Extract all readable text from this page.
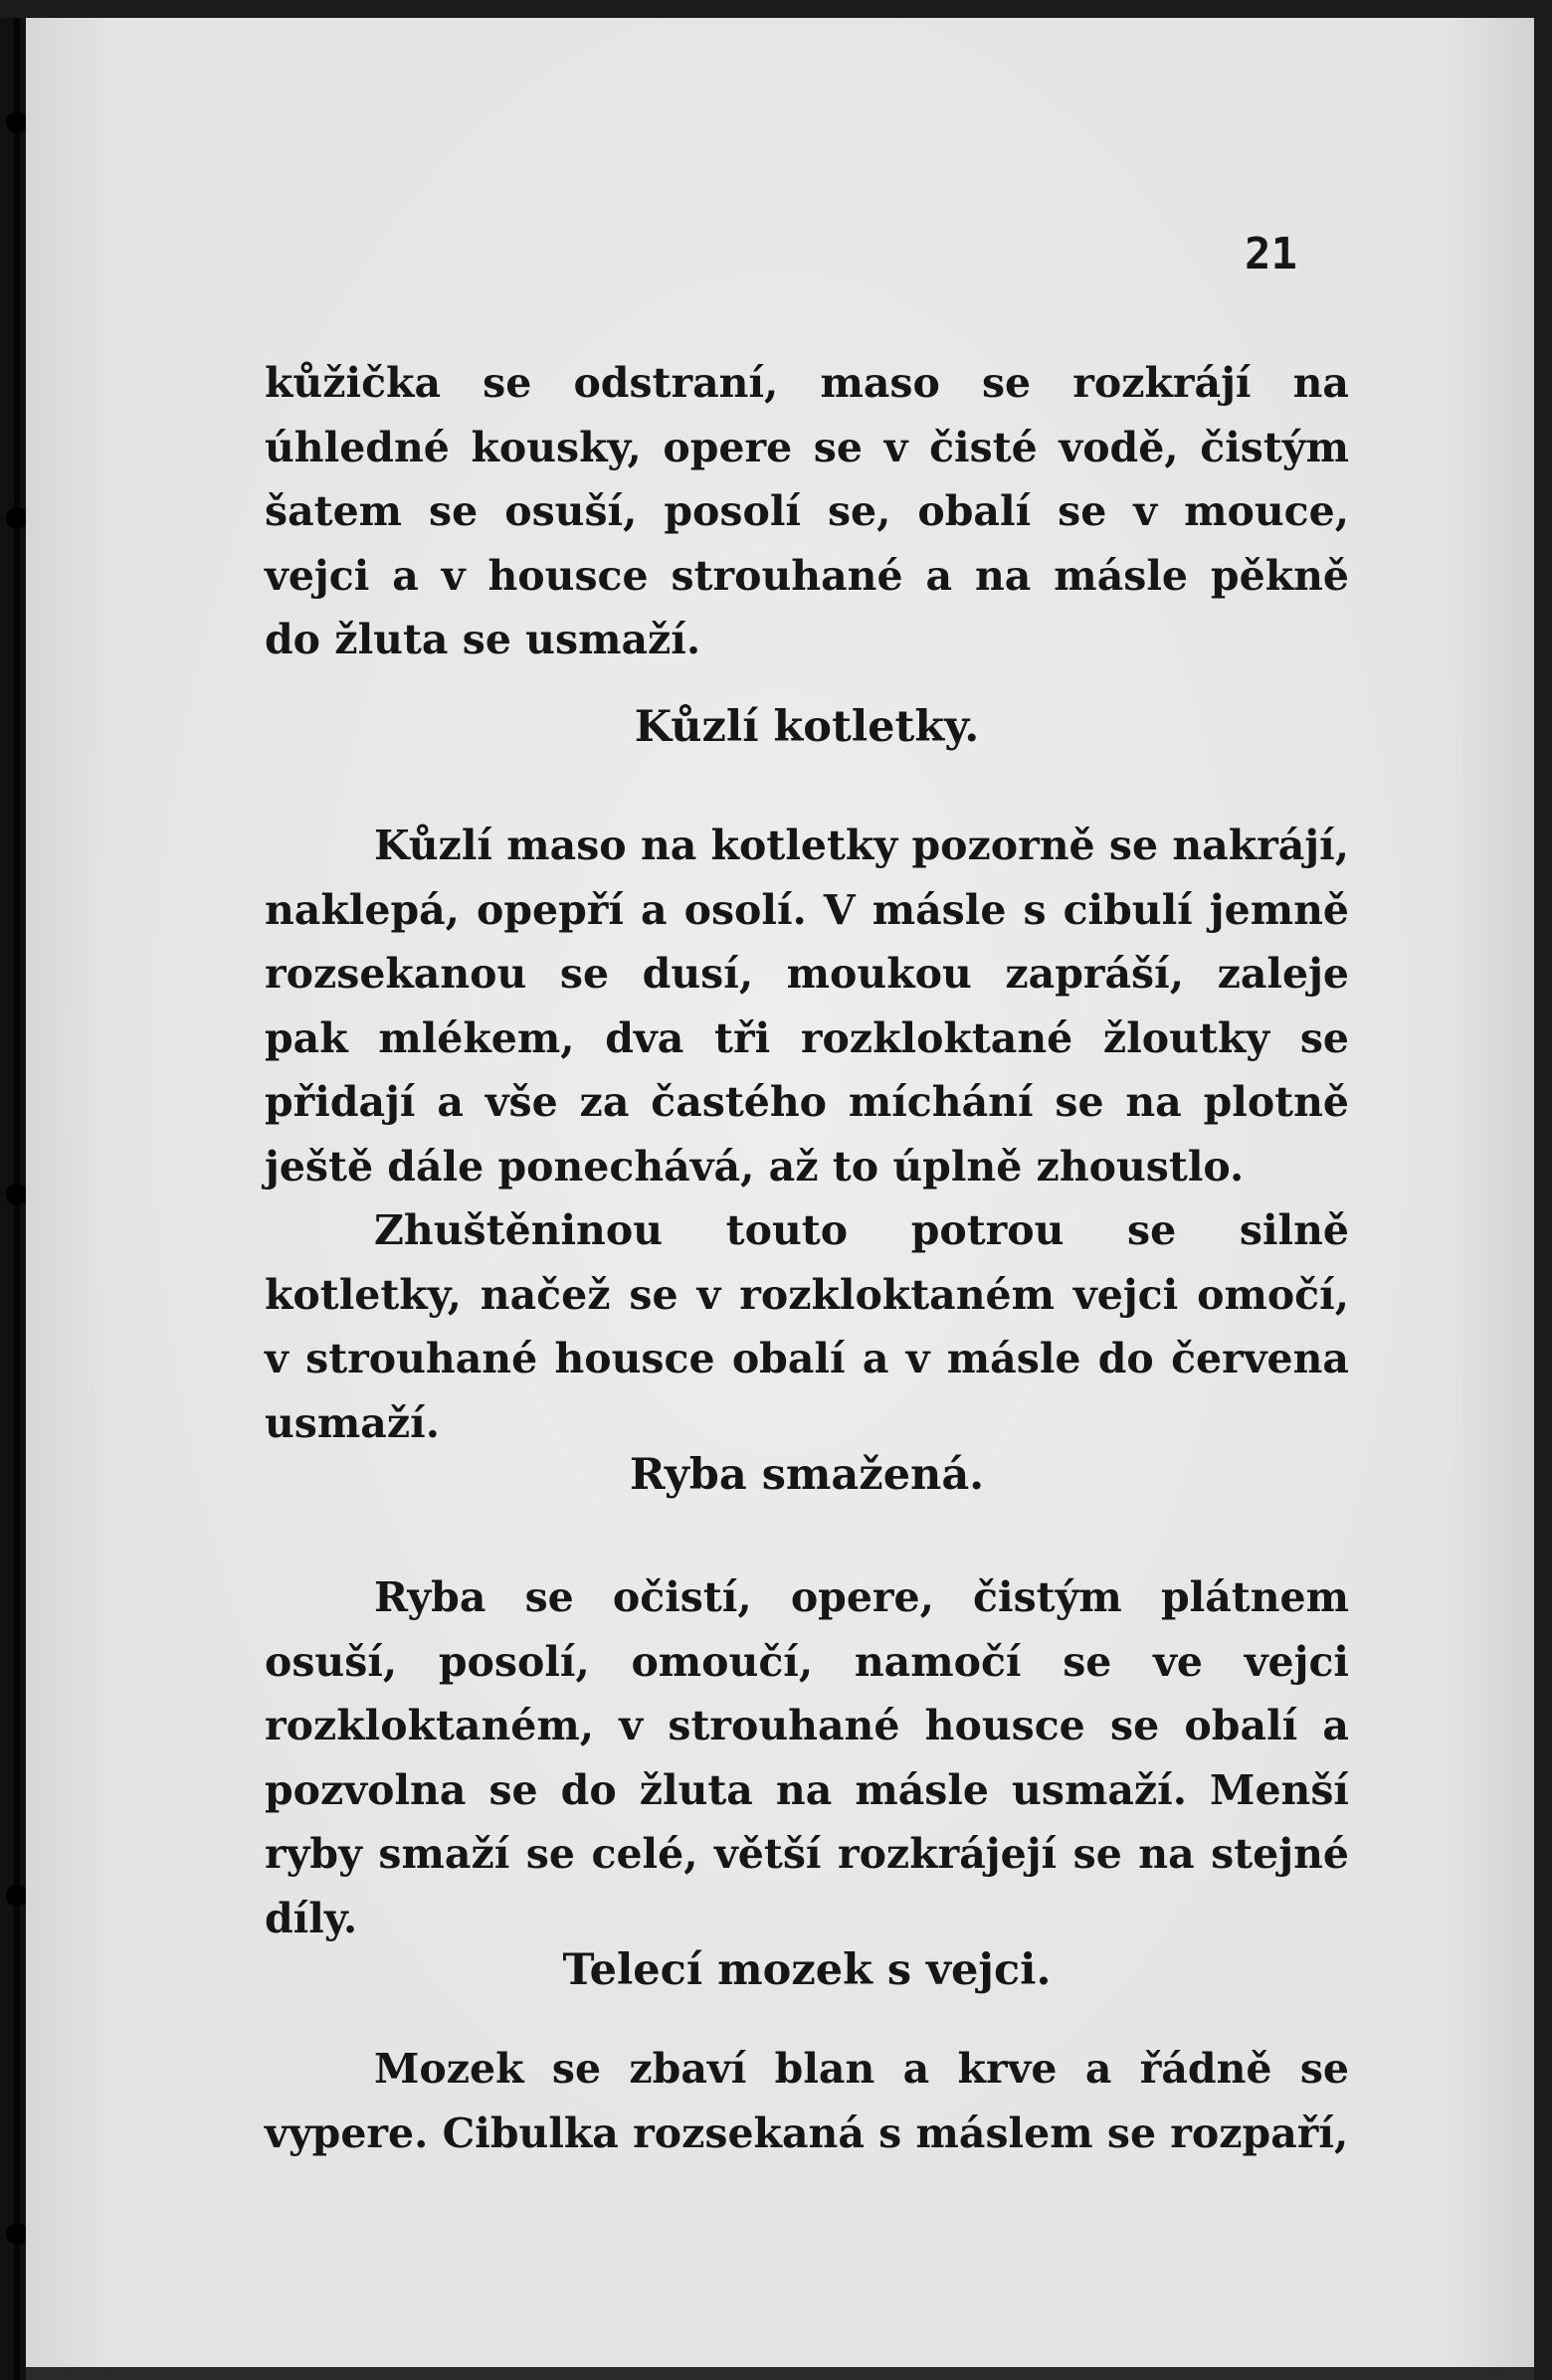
21

kůžička se odstraní, maso se rozkrájí na úhledné kousky, opere se v čisté vodě, čistým šatem se osuší, posolí se, obalí se v mouce, vejci a v housce strouhané a na másle pěkně do žluta se usmaží.

Kůzlí kotletky.

Kůzlí maso na kotletky pozorně se nakrájí, naklepá, opepří a osolí. V másle s cibulí jemně rozsekanou se dusí, moukou zapráší, zaleje pak mlékem, dva tři rozkloktané žloutky se přidají a vše za častého míchání se na plotně ještě dále ponechává, až to úplně zhoustlo.

Zhuštěninou touto potrou se silně kotletky, načež se v rozkloktaném vejci omočí, v strouhané housce obalí a v másle do červena usmaží.

Ryba smažená.

Ryba se očistí, opere, čistým plátnem osuší, posolí, omoučí, namočí se ve vejci rozkloktaném, v strouhané housce se obalí a pozvolna se do žluta na másle usmaží. Menší ryby smaží se celé, větší rozkrájejí se na stejné díly.

Telecí mozek s vejci.

Mozek se zbaví blan a krve a řádně se vypere. Cibulka rozsekaná s máslem se rozpaří,
